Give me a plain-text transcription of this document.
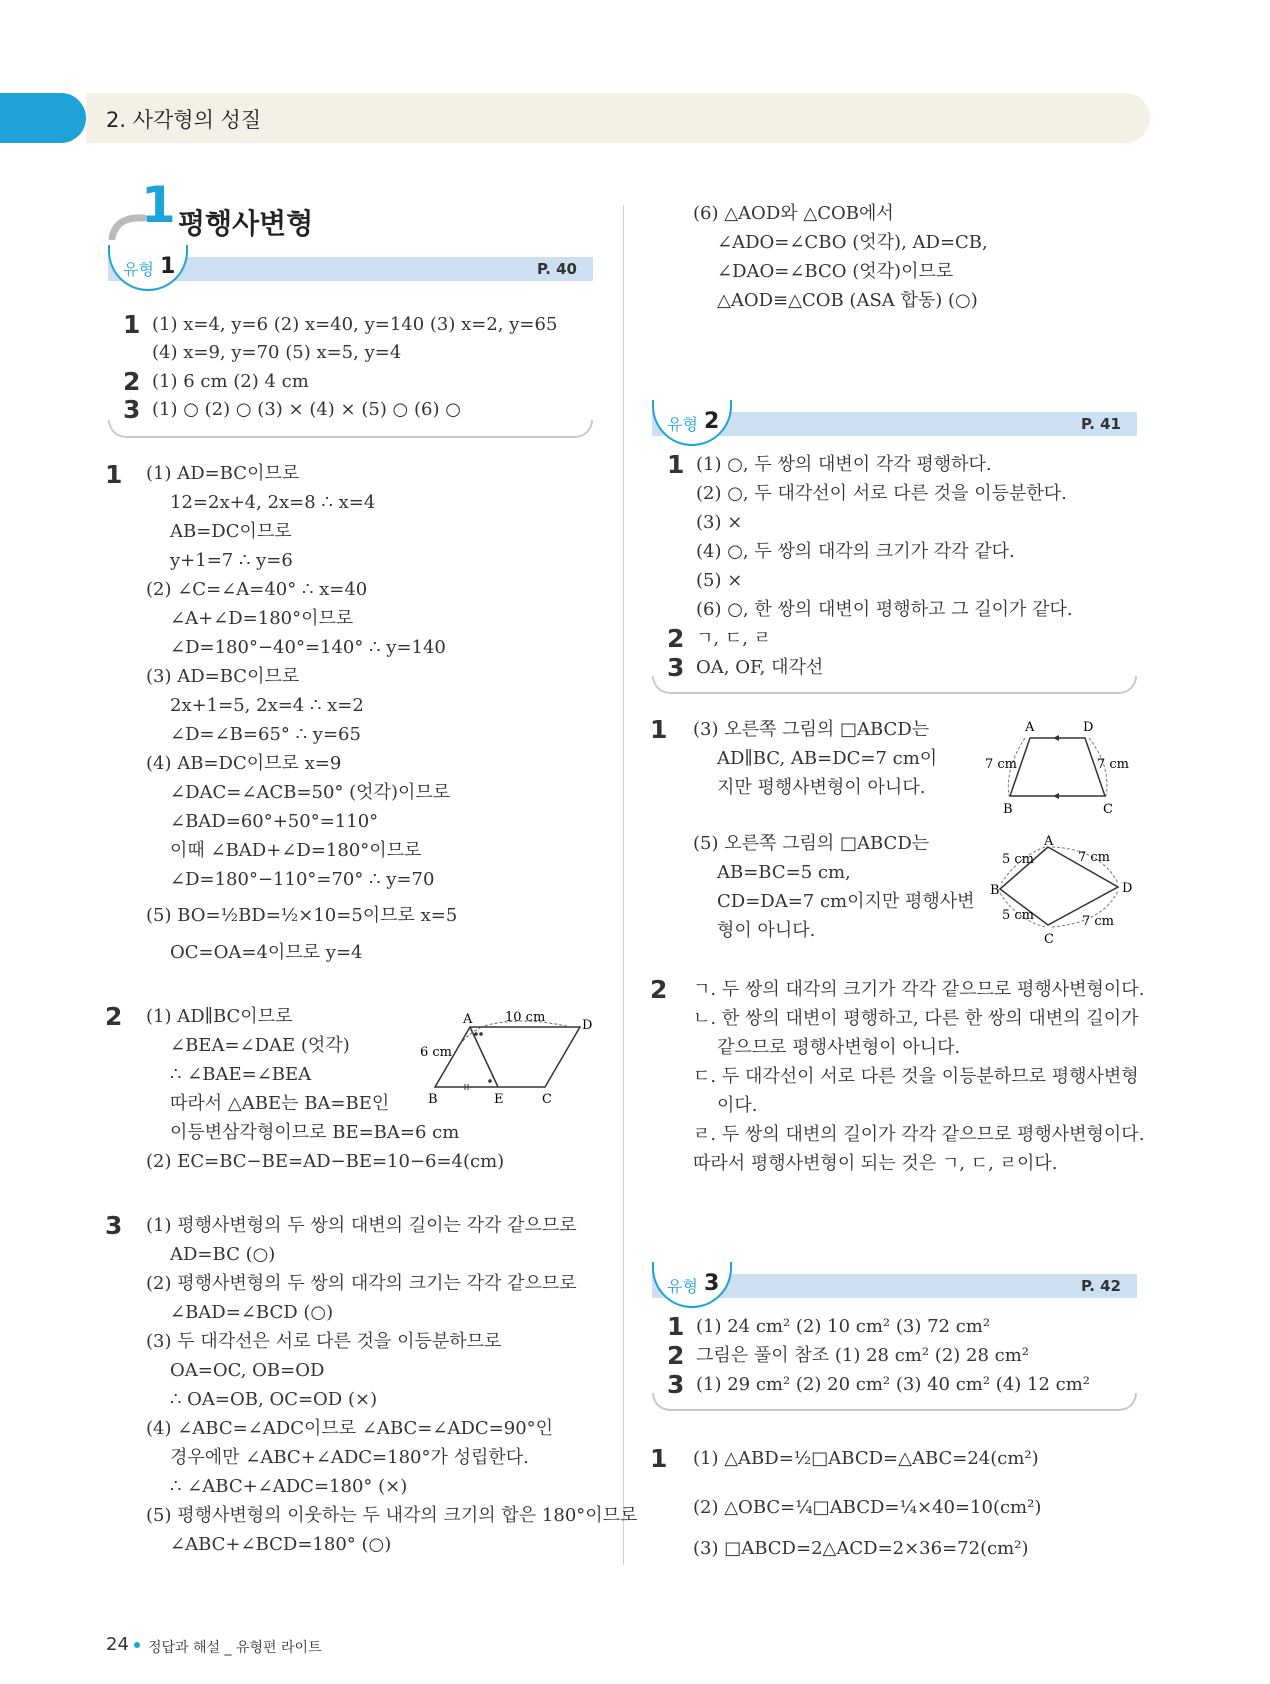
2. 사각형의 성질
1 평행사변형
유형 1	P. 40
1 (1) x=4, y=6 (2) x=40, y=140 (3) x=2, y=65
(4) x=9, y=70 (5) x=5, y=4
2 (1) 6 cm (2) 4 cm
3 (1) ○ (2) ○ (3) × (4) × (5) ○ (6) ○
1 (1) AD=BC이므로
12=2x+4, 2x=8 ∴ x=4
AB=DC이므로
y+1=7 ∴ y=6
(2) ∠C=∠A=40° ∴ x=40
∠A+∠D=180°이므로
∠D=180°−40°=140° ∴ y=140
(3) AD=BC이므로
2x+1=5, 2x=4 ∴ x=2
∠D=∠B=65° ∴ y=65
(4) AB=DC이므로 x=9
∠DAC=∠ACB=50° (엇각)이므로
∠BAD=60°+50°=110°
이때 ∠BAD+∠D=180°이므로
∠D=180°−110°=70° ∴ y=70
(5) BO=½BD=½×10=5이므로 x=5
OC=OA=4이므로 y=4
2 (1) AD∥BC이므로
∠BEA=∠DAE (엇각)
∴ ∠BAE=∠BEA
따라서 △ABE는 BA=BE인
이등변삼각형이므로 BE=BA=6 cm
(2) EC=BC−BE=AD−BE=10−6=4(cm)
A	D
B	E	C
10 cm
6 cm
3 (1) 평행사변형의 두 쌍의 대변의 길이는 각각 같으므로
AD=BC (○)
(2) 평행사변형의 두 쌍의 대각의 크기는 각각 같으므로
∠BAD=∠BCD (○)
(3) 두 대각선은 서로 다른 것을 이등분하므로
OA=OC, OB=OD
∴ OA=OB, OC=OD (×)
(4) ∠ABC=∠ADC이므로 ∠ABC=∠ADC=90°인
경우에만 ∠ABC+∠ADC=180°가 성립한다.
∴ ∠ABC+∠ADC=180° (×)
(5) 평행사변형의 이웃하는 두 내각의 크기의 합은 180°이므로
∠ABC+∠BCD=180° (○)
(6) △AOD와 △COB에서
∠ADO=∠CBO (엇각), AD=CB,
∠DAO=∠BCO (엇각)이므로
△AOD≡△COB (ASA 합동) (○)
유형 2	P. 41
1 (1) ○, 두 쌍의 대변이 각각 평행하다.
(2) ○, 두 대각선이 서로 다른 것을 이등분한다.
(3) ×
(4) ○, 두 쌍의 대각의 크기가 각각 같다.
(5) ×
(6) ○, 한 쌍의 대변이 평행하고 그 길이가 같다.
2 ㄱ, ㄷ, ㄹ
3 OA, OF, 대각선
1 (3) 오른쪽 그림의 □ABCD는
AD∥BC, AB=DC=7 cm이
지만 평행사변형이 아니다.
A	D
B	C
7 cm	7 cm
(5) 오른쪽 그림의 □ABCD는
AB=BC=5 cm,
CD=DA=7 cm이지만 평행사변
형이 아니다.
A
B
C
D
5 cm	7 cm
5 cm	7 cm
2 ㄱ. 두 쌍의 대각의 크기가 각각 같으므로 평행사변형이다.
ㄴ. 한 쌍의 대변이 평행하고, 다른 한 쌍의 대변의 길이가
같으므로 평행사변형이 아니다.
ㄷ. 두 대각선이 서로 다른 것을 이등분하므로 평행사변형
이다.
ㄹ. 두 쌍의 대변의 길이가 각각 같으므로 평행사변형이다.
따라서 평행사변형이 되는 것은 ㄱ, ㄷ, ㄹ이다.
유형 3	P. 42
1 (1) 24 cm² (2) 10 cm² (3) 72 cm²
2 그림은 풀이 참조 (1) 28 cm² (2) 28 cm²
3 (1) 29 cm² (2) 20 cm² (3) 40 cm² (4) 12 cm²
1 (1) △ABD=½□ABCD=△ABC=24(cm²)
(2) △OBC=¼□ABCD=¼×40=10(cm²)
(3) □ABCD=2△ACD=2×36=72(cm²)
24 정답과 해설 _ 유형편 라이트
